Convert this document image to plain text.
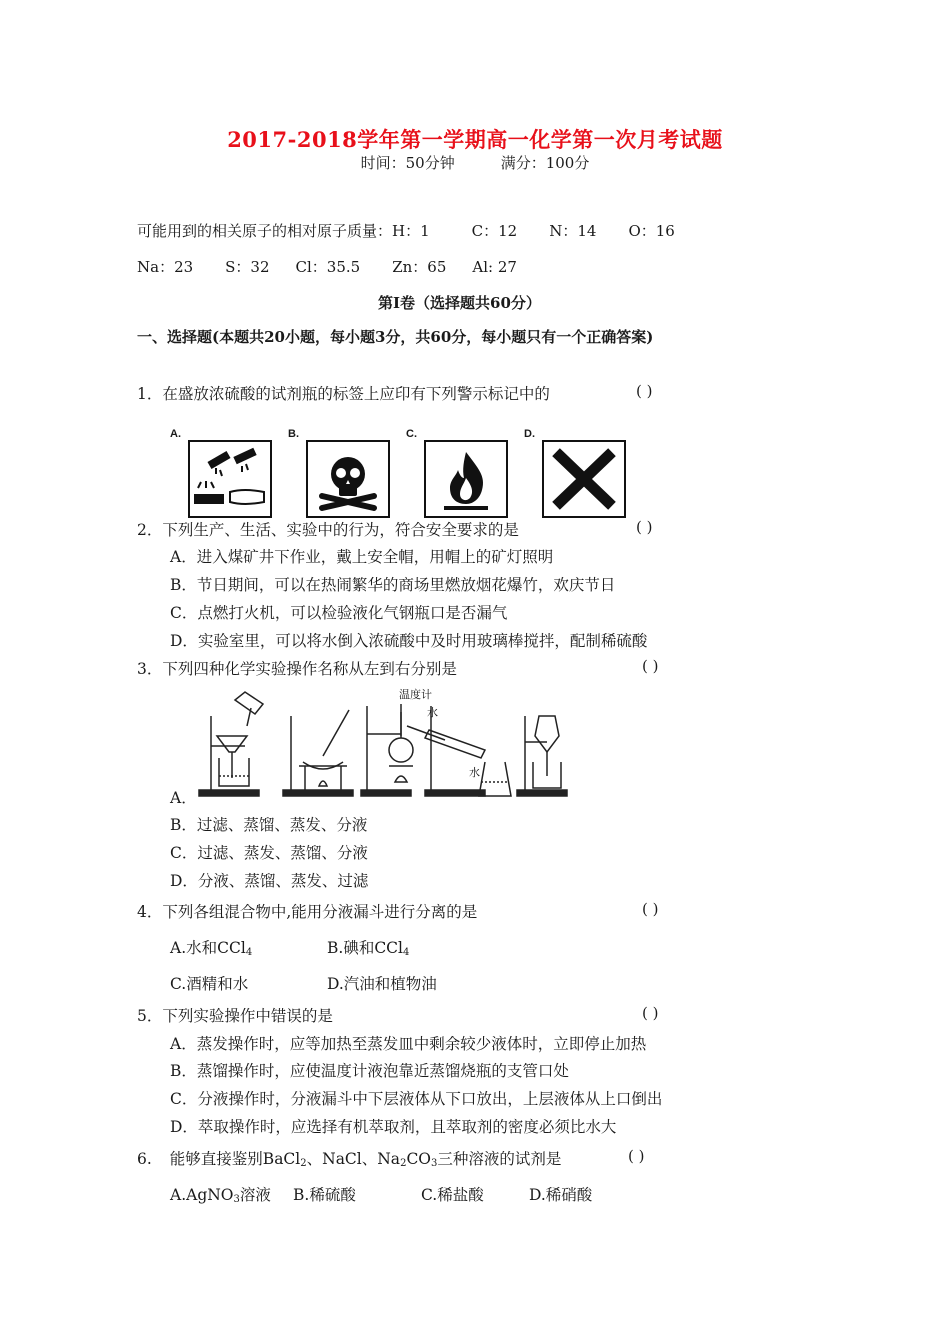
2017-2018学年第一学期高一化学第一次月考试题
时间：50分钟	满分：100分
可能用到的相关原子的相对原子质量：H：1	C：12 N：14 O：16
Na：23 S：32 Cl：35.5 Zn：65 Al: 27
第Ⅰ卷（选择题共60分）
一、选择题(本题共20小题，每小题3分，共60分，每小题只有一个正确答案)
1．在盛放浓硫酸的试剂瓶的标签上应印有下列警示标记中的	( )
A.	B.	C.	D.
2．下列生产、生活、实验中的行为，符合安全要求的是	( )
A．进入煤矿井下作业，戴上安全帽，用帽上的矿灯照明
B．节日期间，可以在热闹繁华的商场里燃放烟花爆竹，欢庆节日
C．点燃打火机，可以检验液化气钢瓶口是否漏气
D．实验室里，可以将水倒入浓硫酸中及时用玻璃棒搅拌，配制稀硫酸
3．下列四种化学实验操作名称从左到右分别是	( )
A．
温度计
水
水
B．过滤、蒸馏、蒸发、分液
C．过滤、蒸发、蒸馏、分液
D．分液、蒸馏、蒸发、过滤
4．下列各组混合物中,能用分液漏斗进行分离的是	( )
A.水和CCl$_4$	B.碘和CCl$_4$
C.酒精和水	D.汽油和植物油
5．下列实验操作中错误的是	( )
A．蒸发操作时，应等加热至蒸发皿中剩余较少液体时，立即停止加热
B．蒸馏操作时，应使温度计液泡靠近蒸馏烧瓶的支管口处
C．分液操作时，分液漏斗中下层液体从下口放出，上层液体从上口倒出
D．萃取操作时，应选择有机萃取剂，且萃取剂的密度必须比水大
6. 能够直接鉴别BaCl$_2$、NaCl、$Na_2CO_3$三种溶液的试剂是	( )
A.AgNO$_3$溶液 B.稀硫酸	C.稀盐酸	D.稀硝酸
